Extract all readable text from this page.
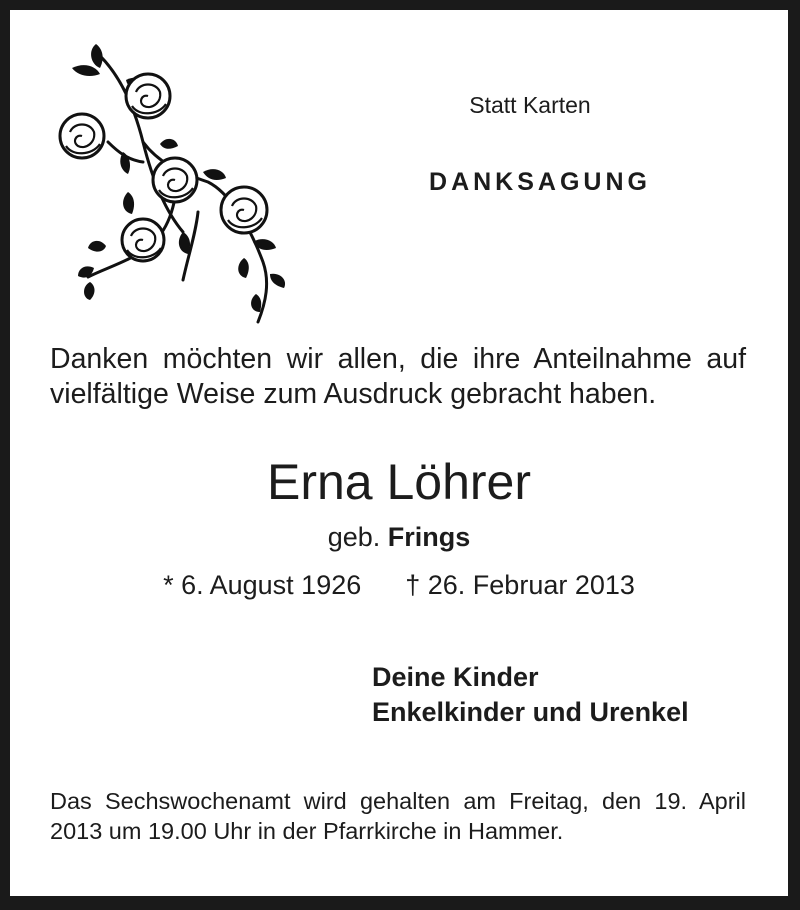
Statt Karten
DANKSAGUNG
Danken möchten wir allen, die ihre Anteilnahme auf vielfältige Weise zum Ausdruck gebracht haben.
Erna Löhrer
geb. Frings
* 6. August 1926 † 26. Februar 2013
Deine Kinder
Enkelkinder und Urenkel
Das Sechswochenamt wird gehalten am Freitag, den 19. April 2013 um 19.00 Uhr in der Pfarrkirche in Hammer.
